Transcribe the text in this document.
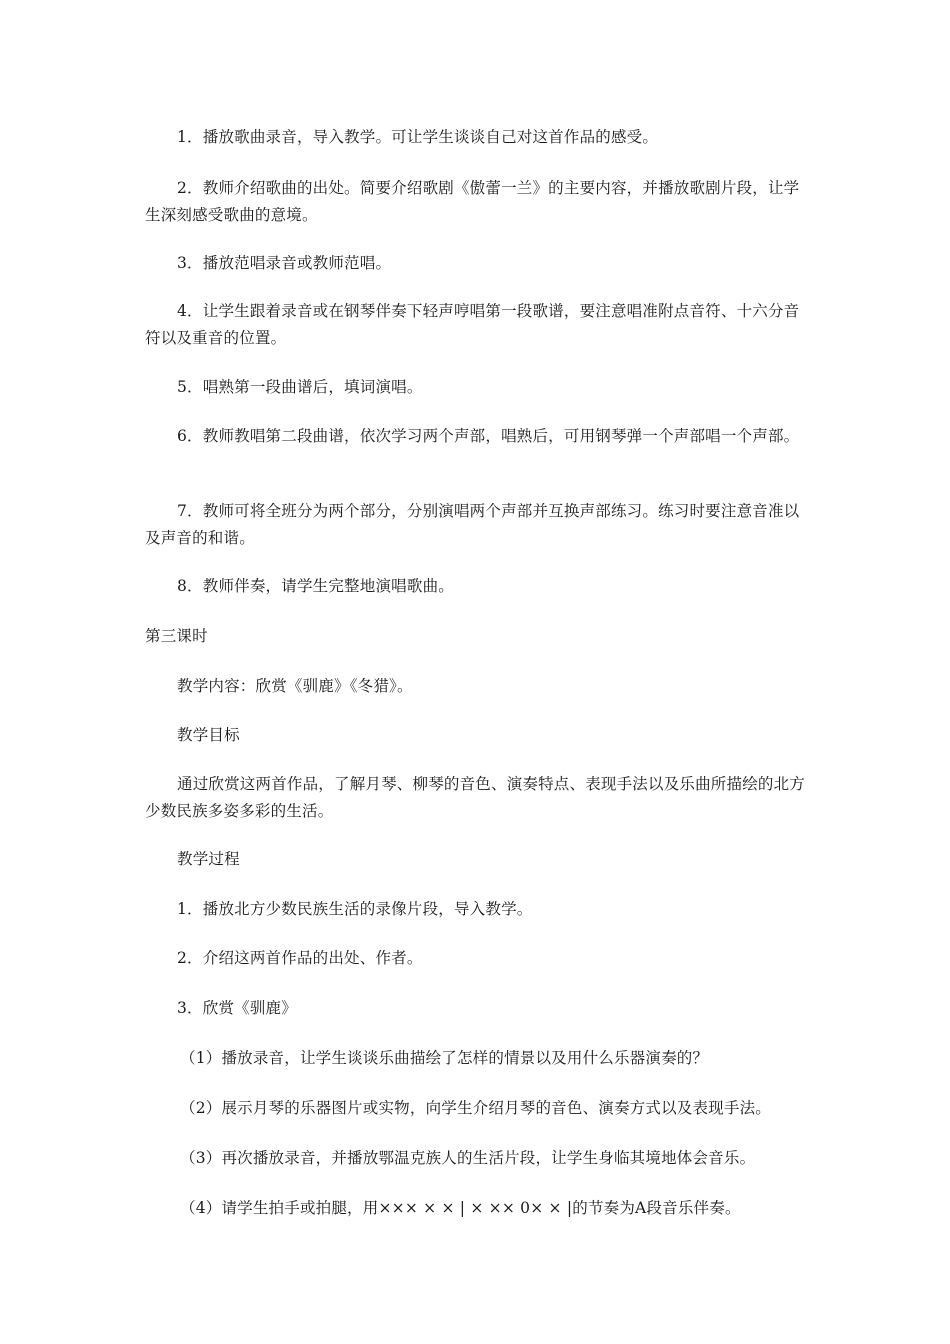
1．播放歌曲录音，导入教学。可让学生谈谈自己对这首作品的感受。

2．教师介绍歌曲的出处。简要介绍歌剧《傲蕾一兰》的主要内容，并播放歌剧片段，让学生深刻感受歌曲的意境。

3．播放范唱录音或教师范唱。

4．让学生跟着录音或在钢琴伴奏下轻声哼唱第一段歌谱，要注意唱准附点音符、十六分音符以及重音的位置。

5．唱熟第一段曲谱后，填词演唱。

6．教师教唱第二段曲谱，依次学习两个声部，唱熟后，可用钢琴弹一个声部唱一个声部。

7．教师可将全班分为两个部分，分别演唱两个声部并互换声部练习。练习时要注意音准以及声音的和谐。

8．教师伴奏，请学生完整地演唱歌曲。

第三课时

教学内容：欣赏《驯鹿》《冬猎》。

教学目标

通过欣赏这两首作品，了解月琴、柳琴的音色、演奏特点、表现手法以及乐曲所描绘的北方少数民族多姿多彩的生活。

教学过程

1．播放北方少数民族生活的录像片段，导入教学。

2．介绍这两首作品的出处、作者。

3．欣赏《驯鹿》

（1）播放录音，让学生谈谈乐曲描绘了怎样的情景以及用什么乐器演奏的？

（2）展示月琴的乐器图片或实物，向学生介绍月琴的音色、演奏方式以及表现手法。

（3）再次播放录音，并播放鄂温克族人的生活片段，让学生身临其境地体会音乐。

（4）请学生拍手或拍腿，用××× × × | × ×× 0× × |的节奏为A段音乐伴奏。
